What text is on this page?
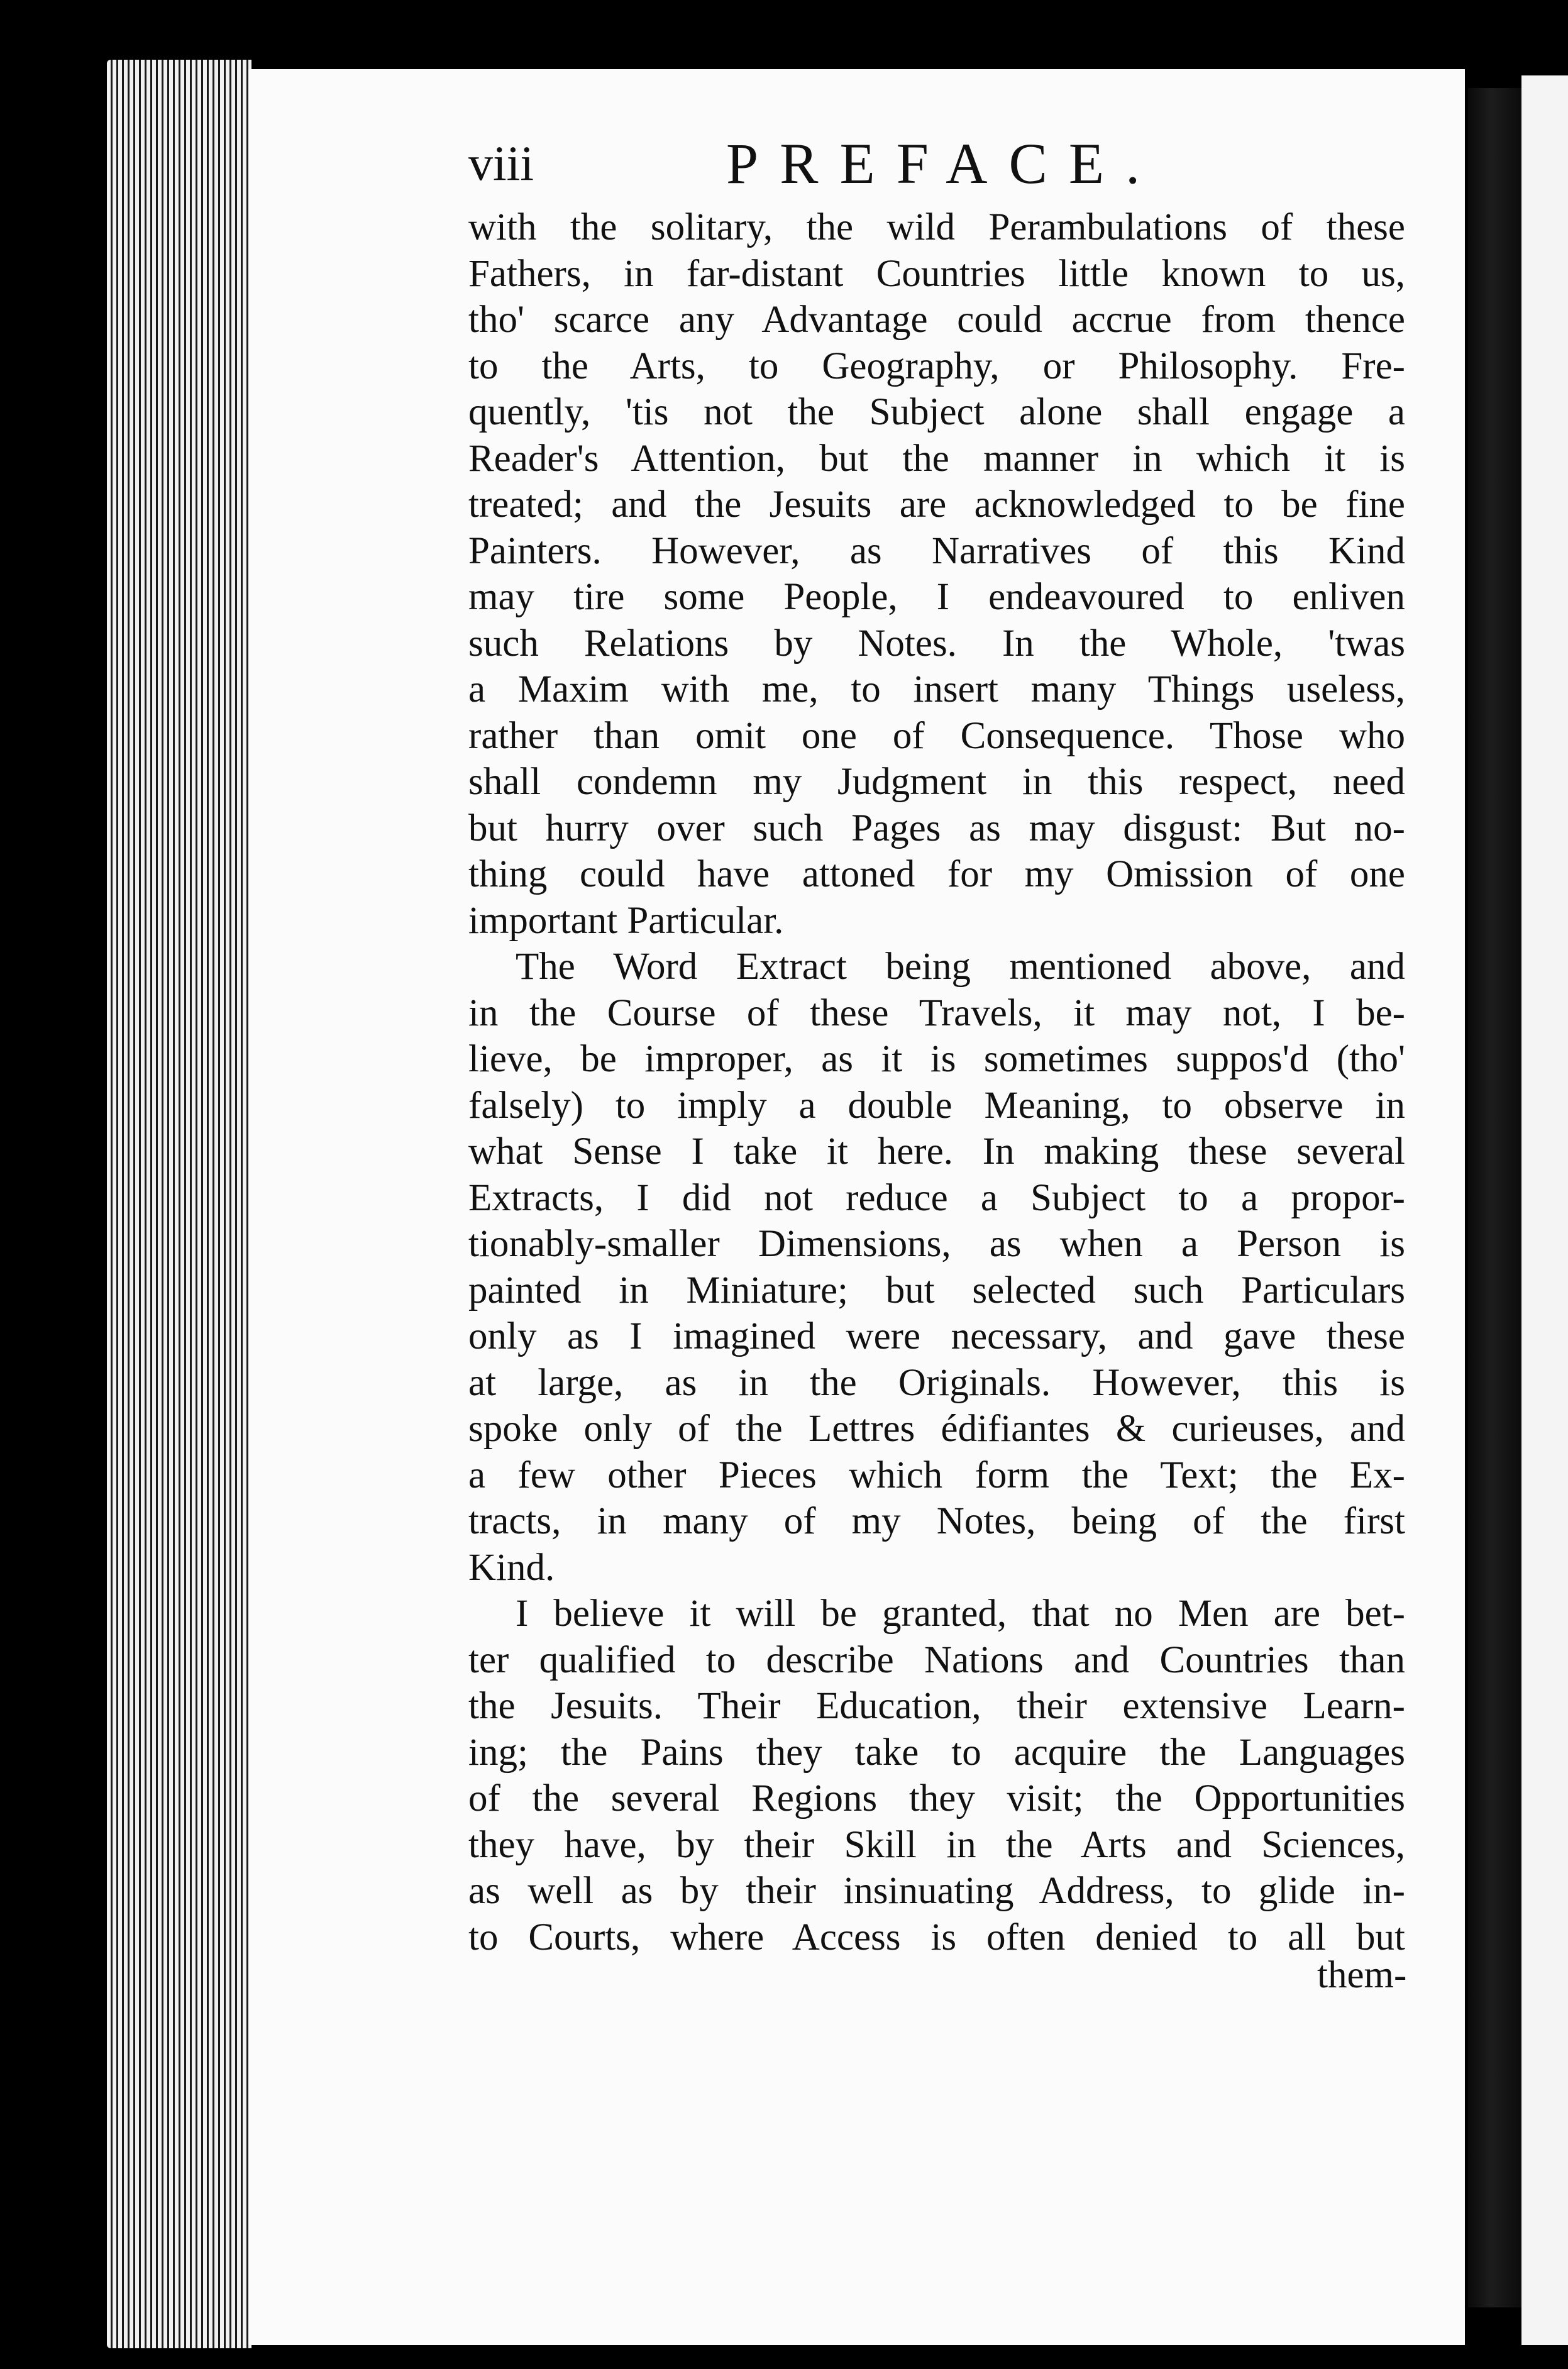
viii	PREFACE.
with the solitary, the wild Perambulations of these
Fathers, in far-distant Countries little known to us,
tho' scarce any Advantage could accrue from thence
to the Arts, to Geography, or Philosophy. Fre-
quently, 'tis not the Subject alone shall engage a
Reader's Attention, but the manner in which it is
treated; and the Jesuits are acknowledged to be fine
Painters. However, as Narratives of this Kind
may tire some People, I endeavoured to enliven
such Relations by Notes. In the Whole, 'twas
a Maxim with me, to insert many Things useless,
rather than omit one of Consequence. Those who
shall condemn my Judgment in this respect, need
but hurry over such Pages as may disgust: But no-
thing could have attoned for my Omission of one
important Particular.
The Word Extract being mentioned above, and
in the Course of these Travels, it may not, I be-
lieve, be improper, as it is sometimes suppos'd (tho'
falsely) to imply a double Meaning, to observe in
what Sense I take it here. In making these several
Extracts, I did not reduce a Subject to a propor-
tionably-smaller Dimensions, as when a Person is
painted in Miniature; but selected such Particulars
only as I imagined were necessary, and gave these
at large, as in the Originals. However, this is
spoke only of the Lettres édifiantes & curieuses, and
a few other Pieces which form the Text; the Ex-
tracts, in many of my Notes, being of the first
Kind.
I believe it will be granted, that no Men are bet-
ter qualified to describe Nations and Countries than
the Jesuits. Their Education, their extensive Learn-
ing; the Pains they take to acquire the Languages
of the several Regions they visit; the Opportunities
they have, by their Skill in the Arts and Sciences,
as well as by their insinuating Address, to glide in-
to Courts, where Access is often denied to all but
them-
